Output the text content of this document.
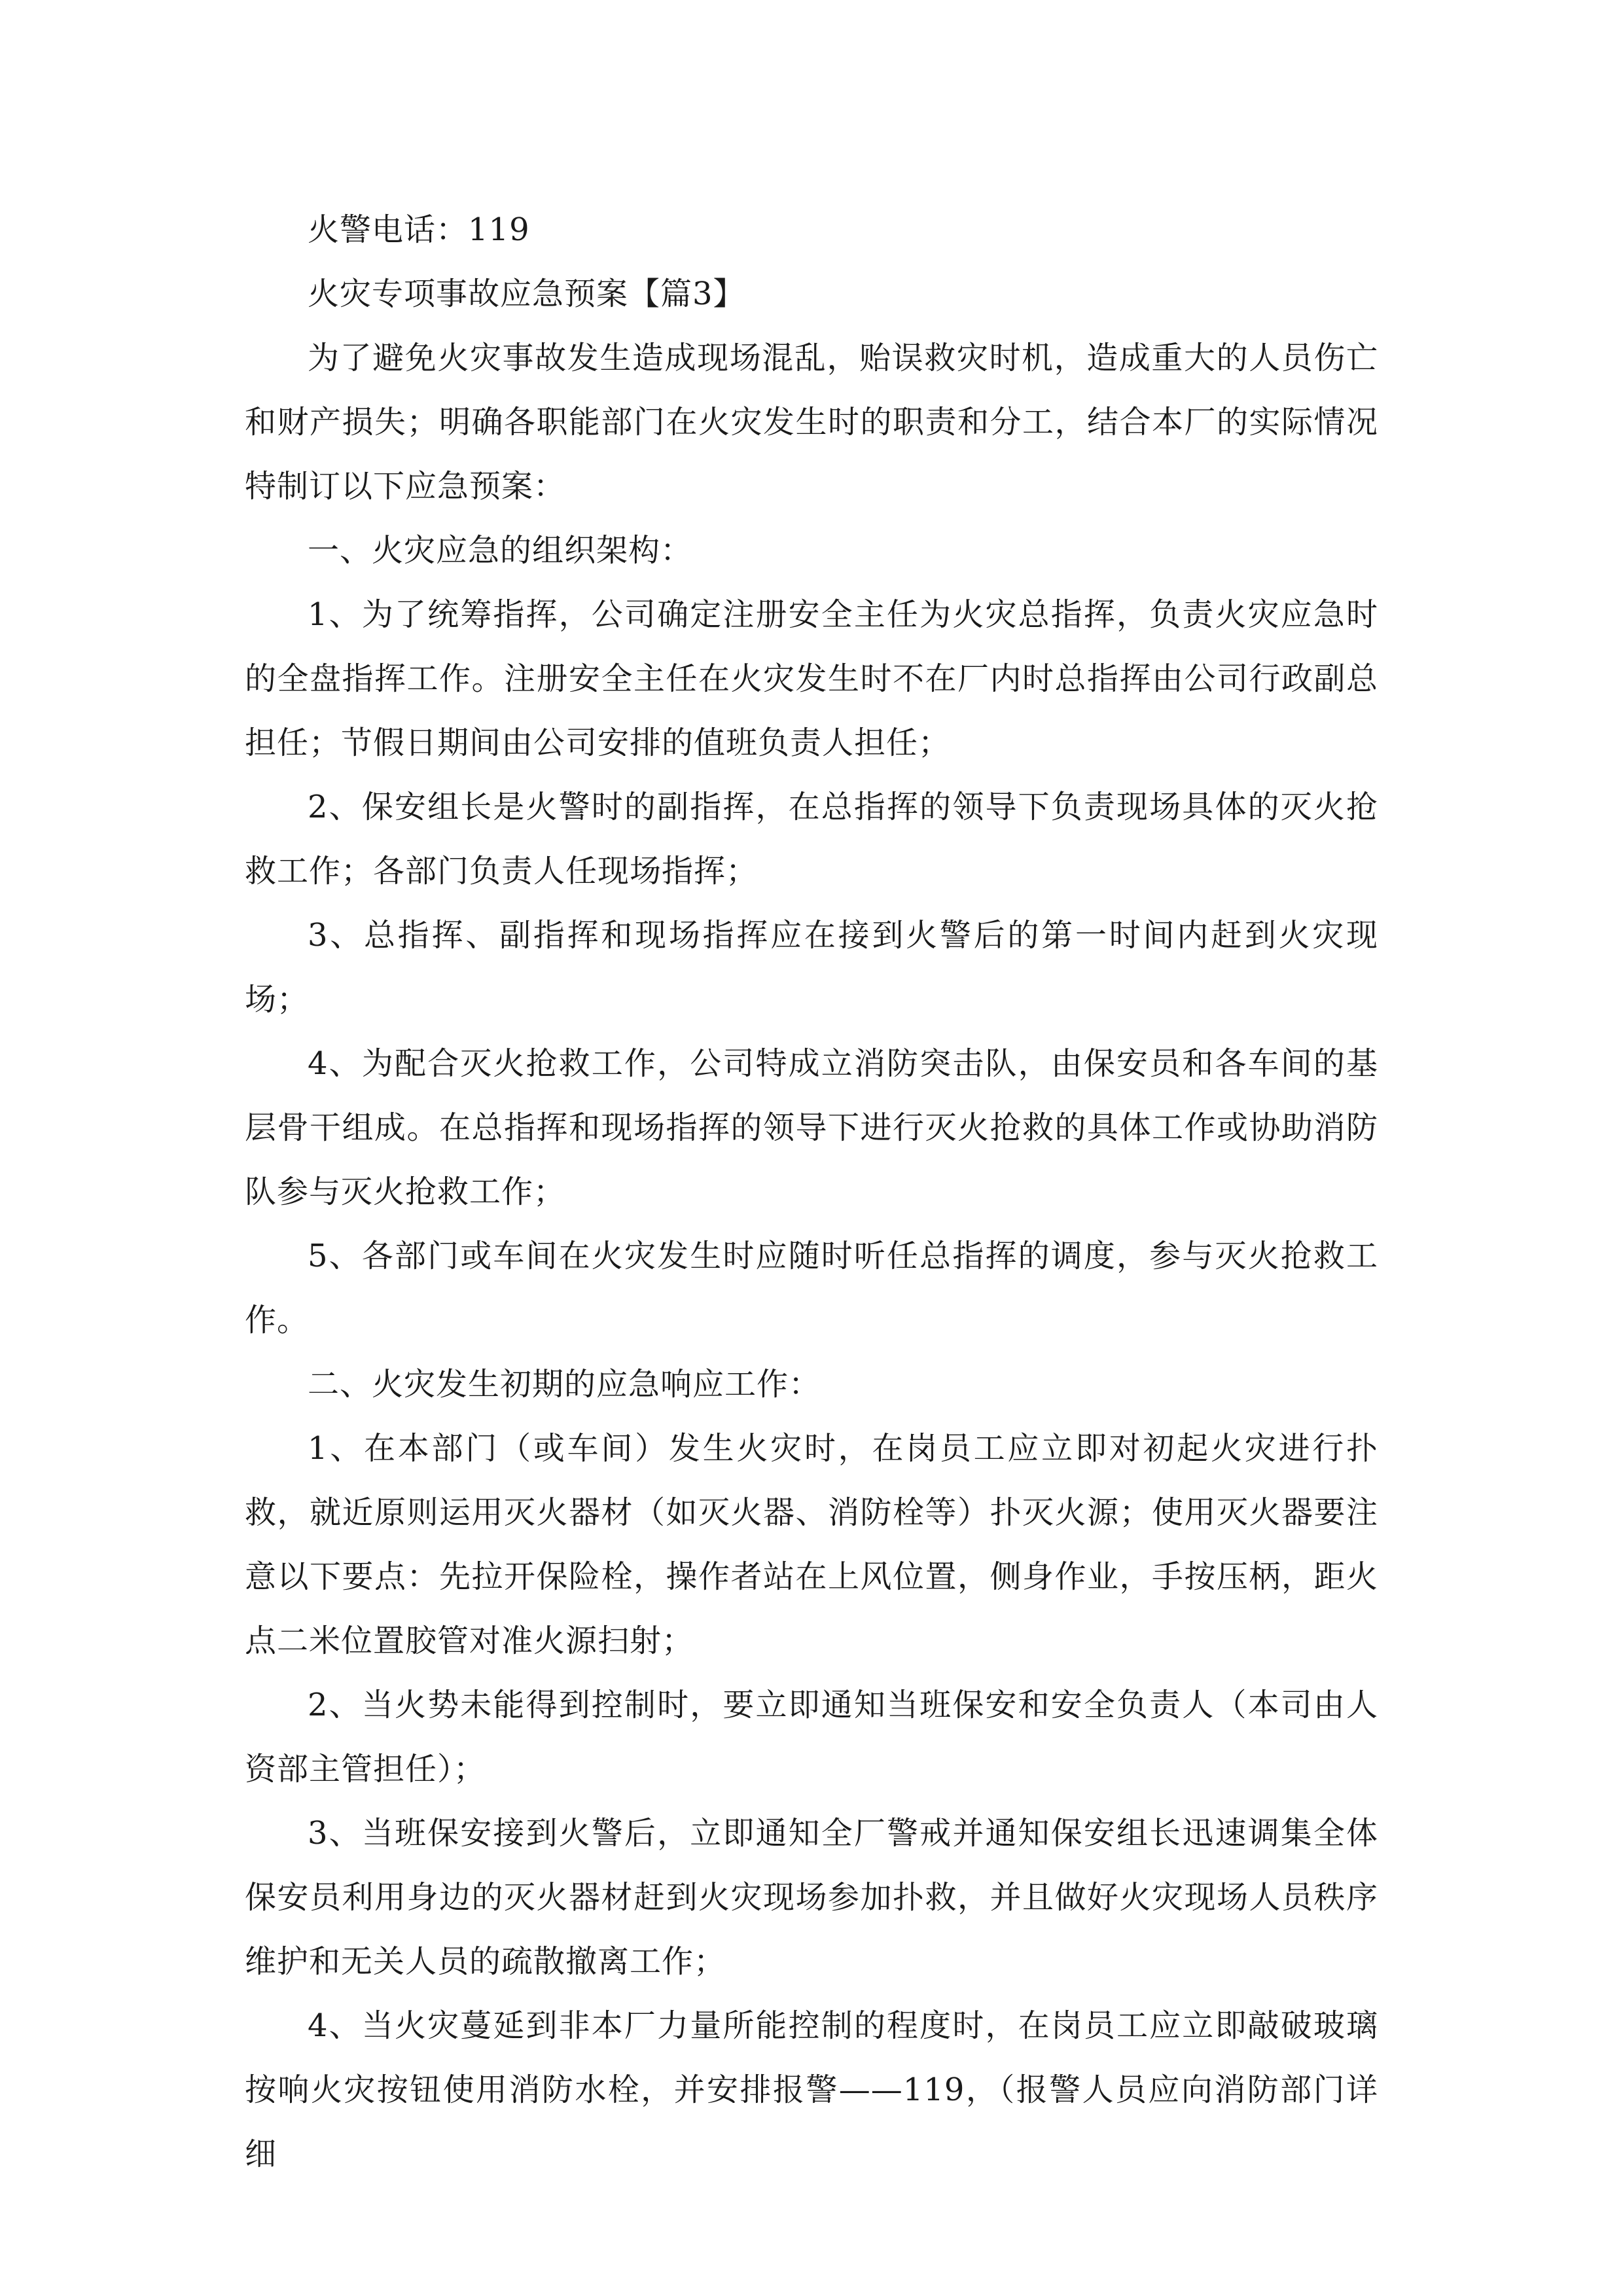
火警电话：119

火灾专项事故应急预案【篇3】

为了避免火灾事故发生造成现场混乱，贻误救灾时机，造成重大的人员伤亡和财产损失；明确各职能部门在火灾发生时的职责和分工，结合本厂的实际情况特制订以下应急预案：

一、火灾应急的组织架构：

1、为了统筹指挥，公司确定注册安全主任为火灾总指挥，负责火灾应急时的全盘指挥工作。注册安全主任在火灾发生时不在厂内时总指挥由公司行政副总担任；节假日期间由公司安排的值班负责人担任；

2、保安组长是火警时的副指挥，在总指挥的领导下负责现场具体的灭火抢救工作；各部门负责人任现场指挥；

3、总指挥、副指挥和现场指挥应在接到火警后的第一时间内赶到火灾现场；

4、为配合灭火抢救工作，公司特成立消防突击队，由保安员和各车间的基层骨干组成。在总指挥和现场指挥的领导下进行灭火抢救的具体工作或协助消防队参与灭火抢救工作；

5、各部门或车间在火灾发生时应随时听任总指挥的调度，参与灭火抢救工作。

二、火灾发生初期的应急响应工作：

1、在本部门（或车间）发生火灾时，在岗员工应立即对初起火灾进行扑救，就近原则运用灭火器材（如灭火器、消防栓等）扑灭火源；使用灭火器要注意以下要点：先拉开保险栓，操作者站在上风位置，侧身作业，手按压柄，距火点二米位置胶管对准火源扫射；

2、当火势未能得到控制时，要立即通知当班保安和安全负责人（本司由人资部主管担任）；

3、当班保安接到火警后，立即通知全厂警戒并通知保安组长迅速调集全体保安员利用身边的灭火器材赶到火灾现场参加扑救，并且做好火灾现场人员秩序维护和无关人员的疏散撤离工作；

4、当火灾蔓延到非本厂力量所能控制的程度时，在岗员工应立即敲破玻璃按响火灾按钮使用消防水栓，并安排报警——119，（报警人员应向消防部门详细
